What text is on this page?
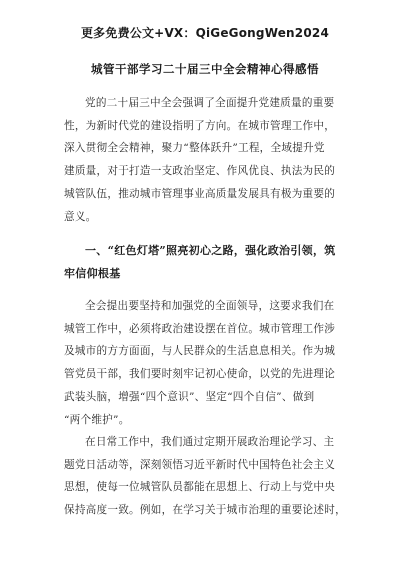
更多免费公文+VX：QiGeGongWen2024
城管干部学习二十届三中全会精神心得感悟
党的二十届三中全会强调了全面提升党建质量的重要
性，为新时代党的建设指明了方向。在城市管理工作中，
深入贯彻全会精神，聚力“整体跃升”工程，全域提升党
建质量，对于打造一支政治坚定、作风优良、执法为民的
城管队伍，推动城市管理事业高质量发展具有极为重要的
意义。
一、“红色灯塔”照亮初心之路，强化政治引领，筑
牢信仰根基
全会提出要坚持和加强党的全面领导，这要求我们在
城管工作中，必须将政治建设摆在首位。城市管理工作涉
及城市的方方面面，与人民群众的生活息息相关。作为城
管党员干部，我们要时刻牢记初心使命，以党的先进理论
武装头脑，增强“四个意识”、坚定“四个自信”、做到
“两个维护”。
在日常工作中，我们通过定期开展政治理论学习、主
题党日活动等，深刻领悟习近平新时代中国特色社会主义
思想，使每一位城管队员都能在思想上、行动上与党中央
保持高度一致。例如，在学习关于城市治理的重要论述时，
